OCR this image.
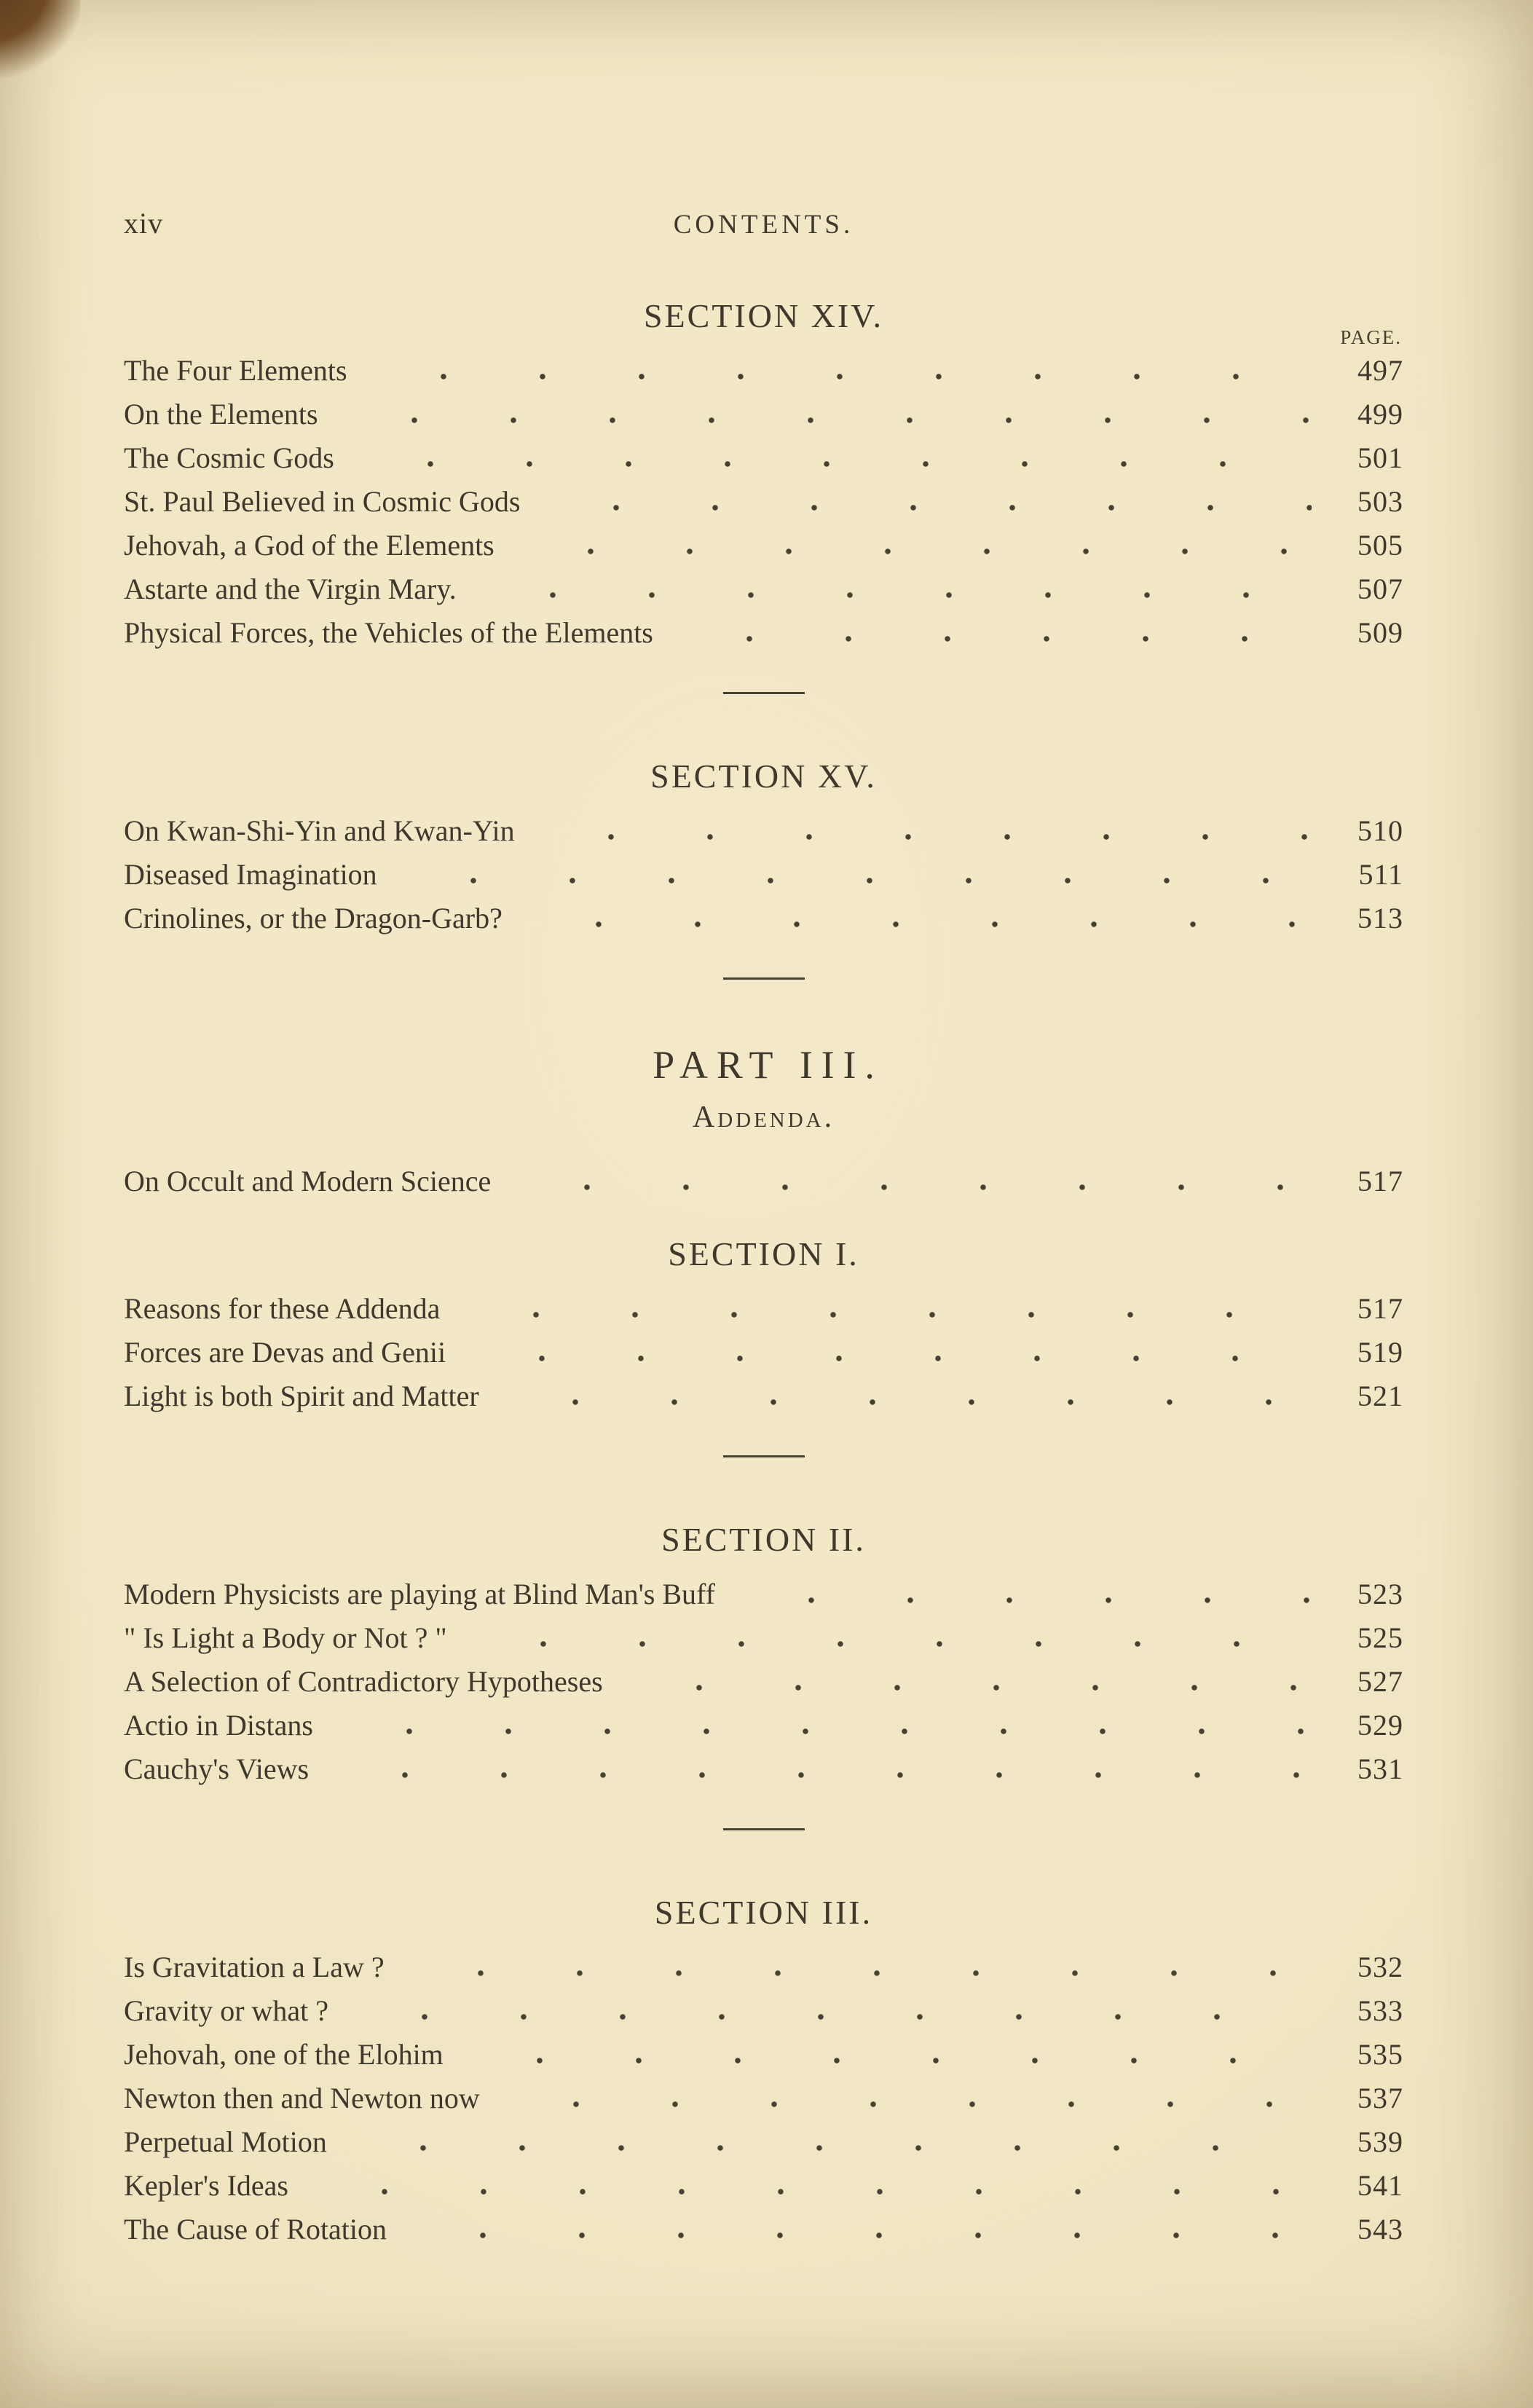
PAGE.
xiv	CONTENTS.
SECTION XIV.
The Four Elements	497
On the Elements	499
The Cosmic Gods	501
St. Paul Believed in Cosmic Gods	503
Jehovah, a God of the Elements	505
Astarte and the Virgin Mary.	507
Physical Forces, the Vehicles of the Elements	509
SECTION XV.
On Kwan-Shi-Yin and Kwan-Yin	510
Diseased Imagination	511
Crinolines, or the Dragon-Garb?	513
PART III.
Addenda.
On Occult and Modern Science	517
SECTION I.
Reasons for these Addenda	517
Forces are Devas and Genii	519
Light is both Spirit and Matter	521
SECTION II.
Modern Physicists are playing at Blind Man's Buff	523
" Is Light a Body or Not ? "	525
A Selection of Contradictory Hypotheses	527
Actio in Distans	529
Cauchy's Views	531
SECTION III.
Is Gravitation a Law ?	532
Gravity or what ?	533
Jehovah, one of the Elohim	535
Newton then and Newton now	537
Perpetual Motion	539
Kepler's Ideas	541
The Cause of Rotation	543
